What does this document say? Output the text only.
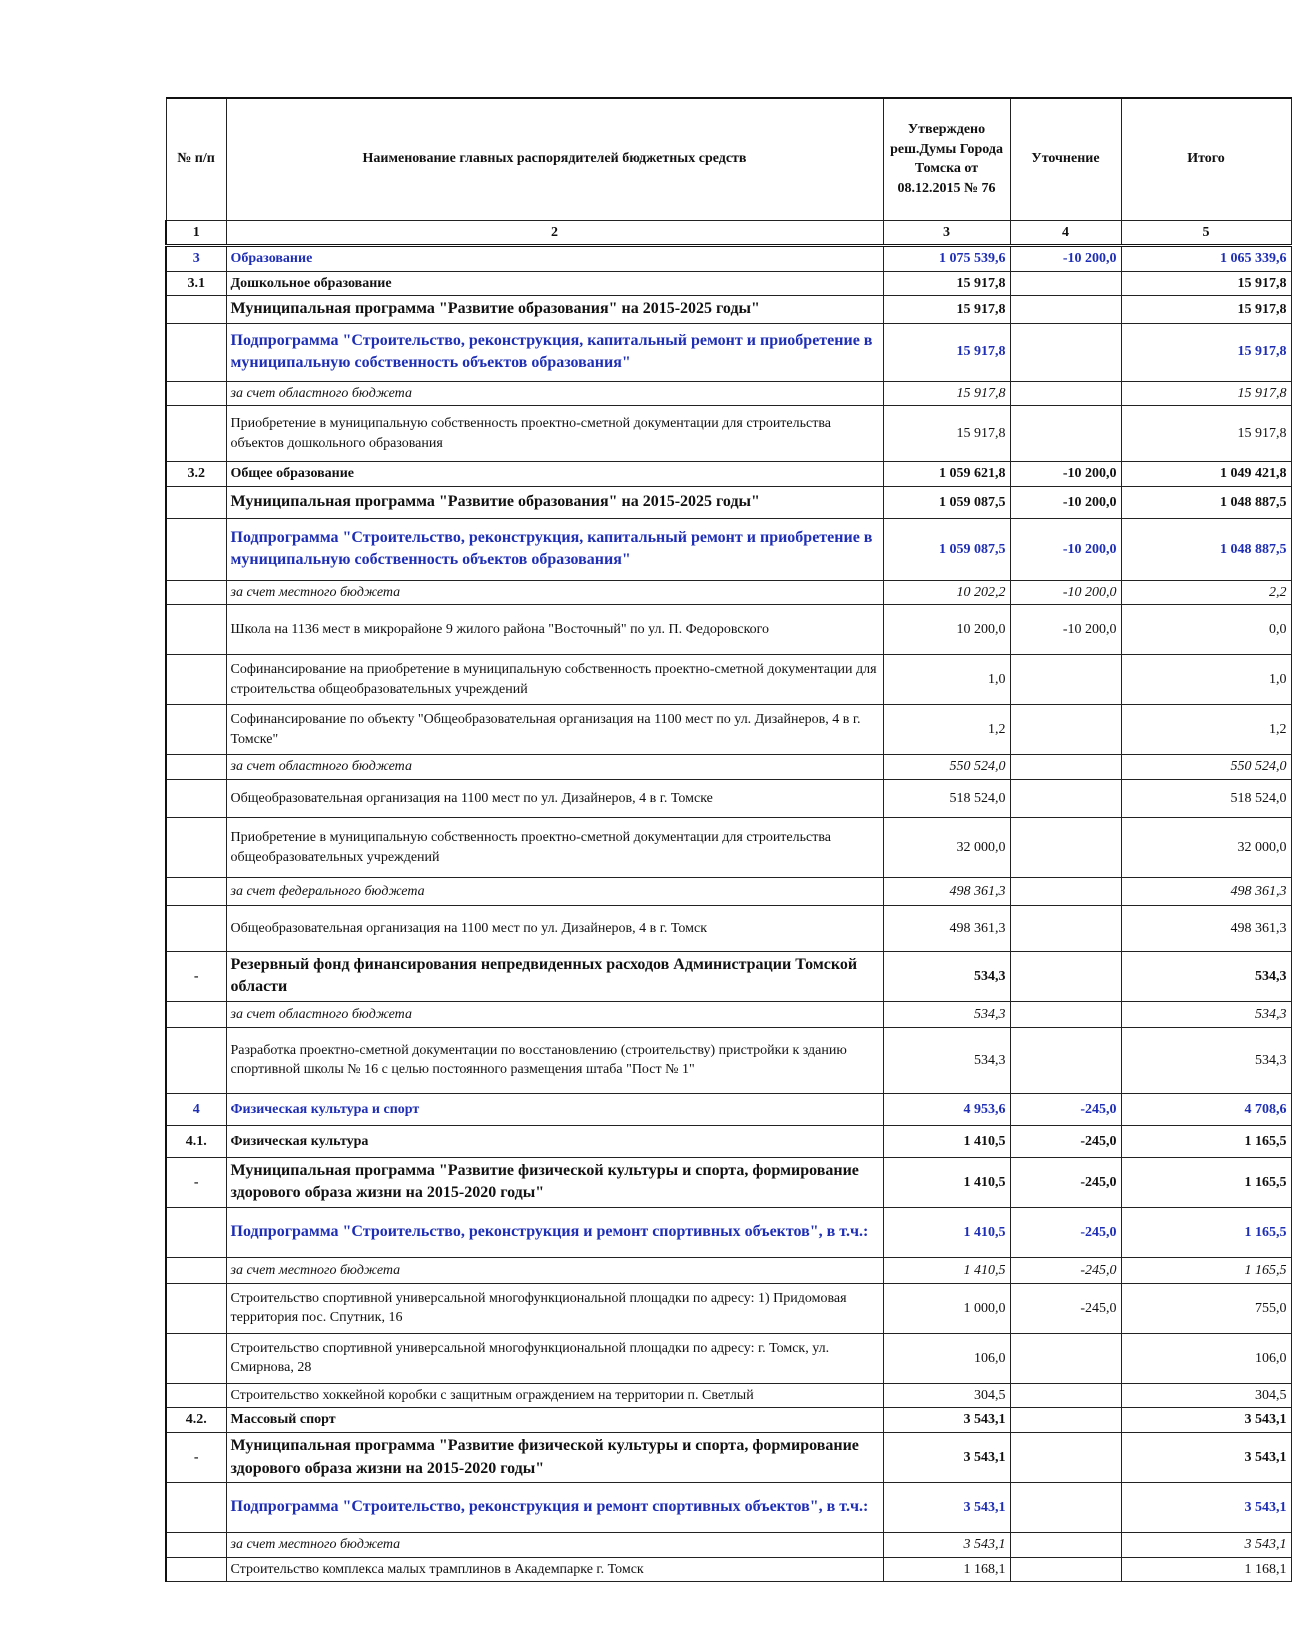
№ п/п	Наименование главных распорядителей бюджетных средств	Утверждено реш.Думы Города Томска от 08.12.2015 № 76	Уточнение	Итого
1	2	3	4	5
3	Образование	1 075 539,6	-10 200,0	1 065 339,6
3.1	Дошкольное образование	15 917,8		15 917,8
	Муниципальная программа "Развитие образования" на 2015-2025 годы"	15 917,8		15 917,8
	Подпрограмма "Строительство, реконструкция, капитальный ремонт и приобретение в муниципальную собственность объектов образования"	15 917,8		15 917,8
	за счет областного бюджета	15 917,8		15 917,8
	Приобретение в муниципальную собственность проектно-сметной документации для строительства объектов дошкольного образования	15 917,8		15 917,8
3.2	Общее образование	1 059 621,8	-10 200,0	1 049 421,8
	Муниципальная программа "Развитие образования" на 2015-2025 годы"	1 059 087,5	-10 200,0	1 048 887,5
	Подпрограмма "Строительство, реконструкция, капитальный ремонт и приобретение в муниципальную собственность объектов образования"	1 059 087,5	-10 200,0	1 048 887,5
	за счет местного бюджета	10 202,2	-10 200,0	2,2
	Школа на 1136 мест в микрорайоне 9 жилого района "Восточный" по ул. П. Федоровского	10 200,0	-10 200,0	0,0
	Софинансирование на приобретение в муниципальную собственность проектно-сметной документации для строительства общеобразовательных учреждений	1,0		1,0
	Софинансирование по объекту "Общеобразовательная организация на 1100 мест по ул. Дизайнеров, 4 в г. Томске"	1,2		1,2
	за счет областного бюджета	550 524,0		550 524,0
	Общеобразовательная организация на 1100 мест по ул. Дизайнеров, 4 в г. Томске	518 524,0		518 524,0
	Приобретение в муниципальную собственность проектно-сметной документации для строительства общеобразовательных учреждений	32 000,0		32 000,0
	за счет федерального бюджета	498 361,3		498 361,3
	Общеобразовательная организация на 1100 мест по ул. Дизайнеров, 4 в г. Томск	498 361,3		498 361,3
-	Резервный фонд финансирования непредвиденных расходов Администрации Томской области	534,3		534,3
	за счет областного бюджета	534,3		534,3
	Разработка проектно-сметной документации по восстановлению (строительству) пристройки к зданию спортивной школы № 16 с целью постоянного размещения штаба "Пост № 1"	534,3		534,3
4	Физическая культура и спорт	4 953,6	-245,0	4 708,6
4.1.	Физическая культура	1 410,5	-245,0	1 165,5
-	Муниципальная программа "Развитие физической культуры и спорта, формирование здорового образа жизни на 2015-2020 годы"	1 410,5	-245,0	1 165,5
	Подпрограмма "Строительство, реконструкция и ремонт спортивных объектов", в т.ч.:	1 410,5	-245,0	1 165,5
	за счет местного бюджета	1 410,5	-245,0	1 165,5
	Строительство спортивной универсальной многофункциональной площадки по адресу: 1) Придомовая территория пос. Спутник, 16	1 000,0	-245,0	755,0
	Строительство спортивной универсальной многофункциональной площадки по адресу: г. Томск, ул. Смирнова, 28	106,0		106,0
	Строительство хоккейной коробки с защитным ограждением на территории п. Светлый	304,5		304,5
4.2.	Массовый спорт	3 543,1		3 543,1
-	Муниципальная программа "Развитие физической культуры и спорта, формирование здорового образа жизни на 2015-2020 годы"	3 543,1		3 543,1
	Подпрограмма "Строительство, реконструкция и ремонт спортивных объектов", в т.ч.:	3 543,1		3 543,1
	за счет местного бюджета	3 543,1		3 543,1
	Строительство комплекса малых трамплинов в Академпарке г. Томск	1 168,1		1 168,1
